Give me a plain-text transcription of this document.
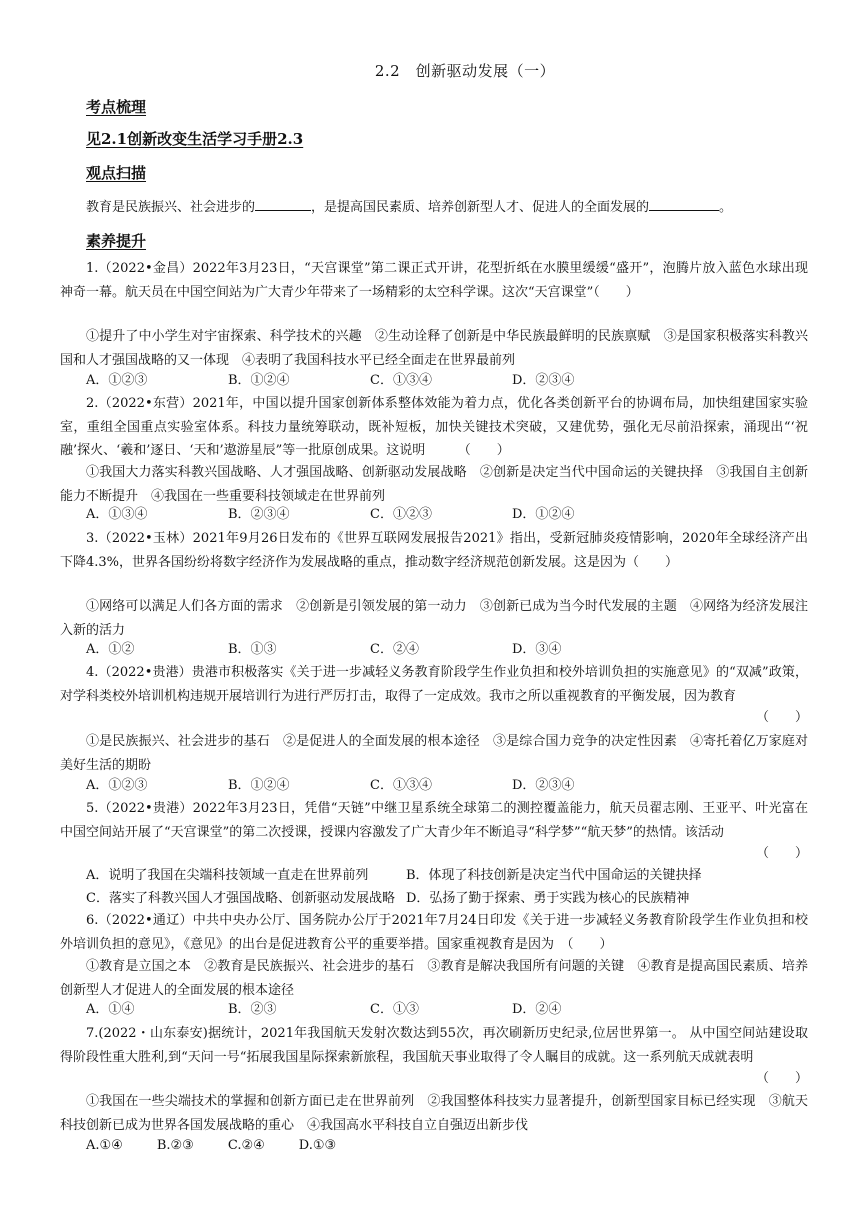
2.2　创新驱动发展（一）
考点梳理
见2.1创新改变生活学习手册2.3
观点扫描
教育是民族振兴、社会进步的	，是提高国民素质、培养创新型人才、促进人的全面发展的	。
素养提升
1.（2022•金昌）2022年3月23日，“天宫课堂”第二课正式开讲，花型折纸在水膜里缓缓“盛开”，泡腾片放入蓝色水球出现神奇一幕。航天员在中国空间站为广大青少年带来了一场精彩的太空科学课。这次“天宫课堂”（　　）
①提升了中小学生对宇宙探索、科学技术的兴趣　②生动诠释了创新是中华民族最鲜明的民族禀赋　③是国家积极落实科教兴国和人才强国战略的又一体现　④表明了我国科技水平已经全面走在世界最前列
A．①②③	B．①②④	C．①③④	D．②③④
2.（2022•东营）2021年，中国以提升国家创新体系整体效能为着力点，优化各类创新平台的协调布局，加快组建国家实验室，重组全国重点实验室体系。科技力量统筹联动，既补短板，加快关键技术突破，又建优势，强化无尽前沿探索，涌现出“‘祝融’探火、‘羲和’逐日、‘天和’遨游星辰”等一批原创成果。这说明　　　（　　）
①我国大力落实科教兴国战略、人才强国战略、创新驱动发展战略　②创新是决定当代中国命运的关键抉择　③我国自主创新能力不断提升　④我国在一些重要科技领域走在世界前列
A．①③④	B．②③④	C．①②③	D．①②④
3.（2022•玉林）2021年9月26日发布的《世界互联网发展报告2021》指出，受新冠肺炎疫情影响，2020年全球经济产出下降4.3%，世界各国纷纷将数字经济作为发展战略的重点，推动数字经济规范创新发展。这是因为（　　）
①网络可以满足人们各方面的需求　②创新是引领发展的第一动力　③创新已成为当今时代发展的主题　④网络为经济发展注入新的活力
A．①②	B．①③	C．②④	D．③④
4.（2022•贵港）贵港市积极落实《关于进一步减轻义务教育阶段学生作业负担和校外培训负担的实施意见》的“双减”政策，对学科类校外培训机构违规开展培训行为进行严厉打击，取得了一定成效。我市之所以重视教育的平衡发展，因为教育
（　　）
①是民族振兴、社会进步的基石　②是促进人的全面发展的根本途径　③是综合国力竞争的决定性因素　④寄托着亿万家庭对美好生活的期盼
A．①②③	B．①②④	C．①③④	D．②③④
5.（2022•贵港）2022年3月23日，凭借“天链”中继卫星系统全球第二的测控覆盖能力，航天员翟志刚、王亚平、叶光富在中国空间站开展了“天宫课堂”的第二次授课，授课内容激发了广大青少年不断追寻“科学梦”“航天梦”的热情。该活动
（　　）
A．说明了我国在尖端科技领域一直走在世界前列	B．体现了科技创新是决定当代中国命运的关键抉择
C．落实了科教兴国人才强国战略、创新驱动发展战略 D．弘扬了勤于探索、勇于实践为核心的民族精神
6.（2022•通辽）中共中央办公厅、国务院办公厅于2021年7月24日印发《关于进一步减轻义务教育阶段学生作业负担和校外培训负担的意见》，《意见》的出台是促进教育公平的重要举措。国家重视教育是因为　（　　）
①教育是立国之本　②教育是民族振兴、社会进步的基石　③教育是解决我国所有问题的关键　④教育是提高国民素质、培养创新型人才促进人的全面发展的根本途径
A．①④	B．②③	C．①③	D．②④
7.(2022・山东泰安)据统计，2021年我国航天发射次数达到55次，再次刷新历史纪录,位居世界第一。 从中国空间站建设取得阶段性重大胜利,到“天问一号“拓展我国星际探索新旅程，我国航天事业取得了令人瞩目的成就。这一系列航天成就表明
（　　）
①我国在一些尖端技术的掌握和创新方面已走在世界前列　②我国整体科技实力显著提升，创新型国家目标已经实现　③航天科技创新已成为世界各国发展战略的重心　④我国高水平科技自立自强迈出新步伐
A.①④	B.②③	C.②④	D.①③
